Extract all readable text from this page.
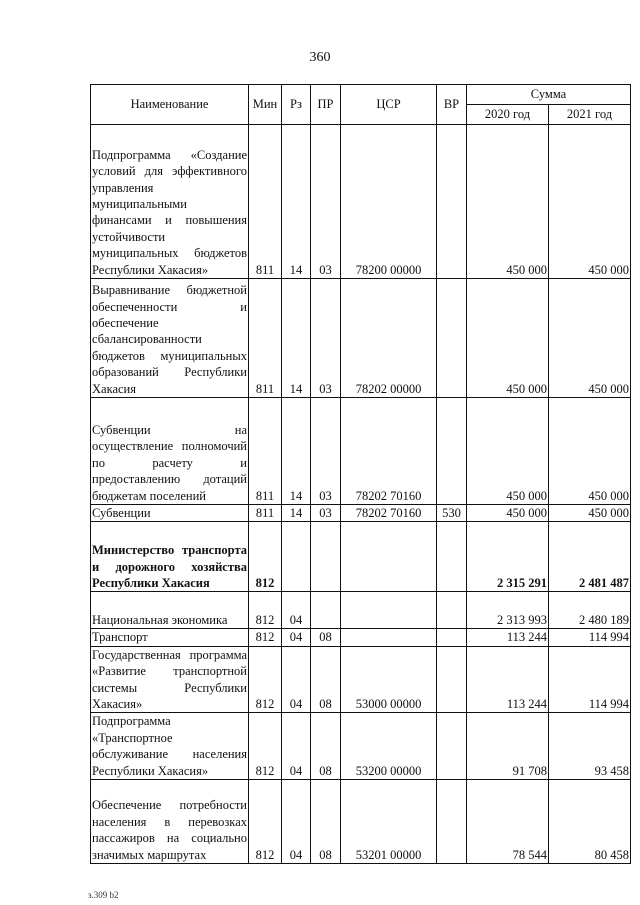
360
Наименование	Мин	Рз	ПР	ЦСР	ВР	Сумма	
						2020 год	2021 год

Подпрограмма «Создание условий для эффективного управления муниципальными финансами и повышения устойчивости муниципальных бюджетов Республики Хакасия»	811	14	03	78200 00000		450 000	450 000

Выравнивание бюджетной обеспеченности и обеспечение сбалансированности бюджетов муниципальных образований Республики Хакасия	811	14	03	78202 00000		450 000	450 000

Субвенции на осуществление полномочий по расчету и предоставлению дотаций бюджетам поселений	811	14	03	78202 70160		450 000	450 000

Субвенции	811	14	03	78202 70160	530	450 000	450 000

Министерство транспорта и дорожного хозяйства Республики Хакасия	812					2 315 291	2 481 487

Национальная экономика	812	04				2 313 993	2 480 189

Транспорт	812	04	08			113 244	114 994

Государственная программа «Развитие транспортной системы Республики Хакасия»	812	04	08	53000 00000		113 244	114 994

Подпрограмма «Транспортное обслуживание населения Республики Хакасия»	812	04	08	53200 00000		91 708	93 458

Обеспечение потребности населения в перевозках пассажиров на социально значимых маршрутах	812	04	08	53201 00000		78 544	80 458
з.309 b2
